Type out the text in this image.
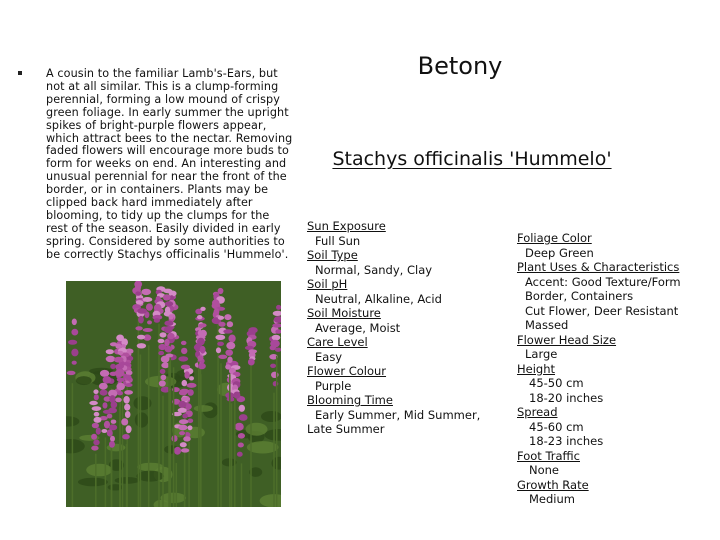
A cousin to the familiar Lamb's-Ears, but
not at all similar. This is a clump-forming
perennial, forming a low mound of crispy
green foliage. In early summer the upright
spikes of bright-purple flowers appear,
which attract bees to the nectar. Removing
faded flowers will encourage more buds to
form for weeks on end. An interesting and
unusual perennial for near the front of the
border, or in containers. Plants may be
clipped back hard immediately after
blooming, to tidy up the clumps for the
rest of the season. Easily divided in early
spring. Considered by some authorities to
be correctly Stachys officinalis 'Hummelo'.
Betony
Stachys officinalis 'Hummelo'
Sun Exposure
Full Sun
Soil Type
Normal, Sandy, Clay
Soil pH
Neutral, Alkaline, Acid
Soil Moisture
Average, Moist
Care Level
Easy
Flower Colour
Purple
Blooming Time
Early Summer, Mid Summer,
Late Summer
Foliage Color
Deep Green
Plant Uses & Characteristics
Accent: Good Texture/Form
Border, Containers
Cut Flower, Deer Resistant
Massed
Flower Head Size
Large
Height
45-50 cm
18-20 inches
Spread
45-60 cm
18-23 inches
Foot Traffic
None
Growth Rate
Medium
